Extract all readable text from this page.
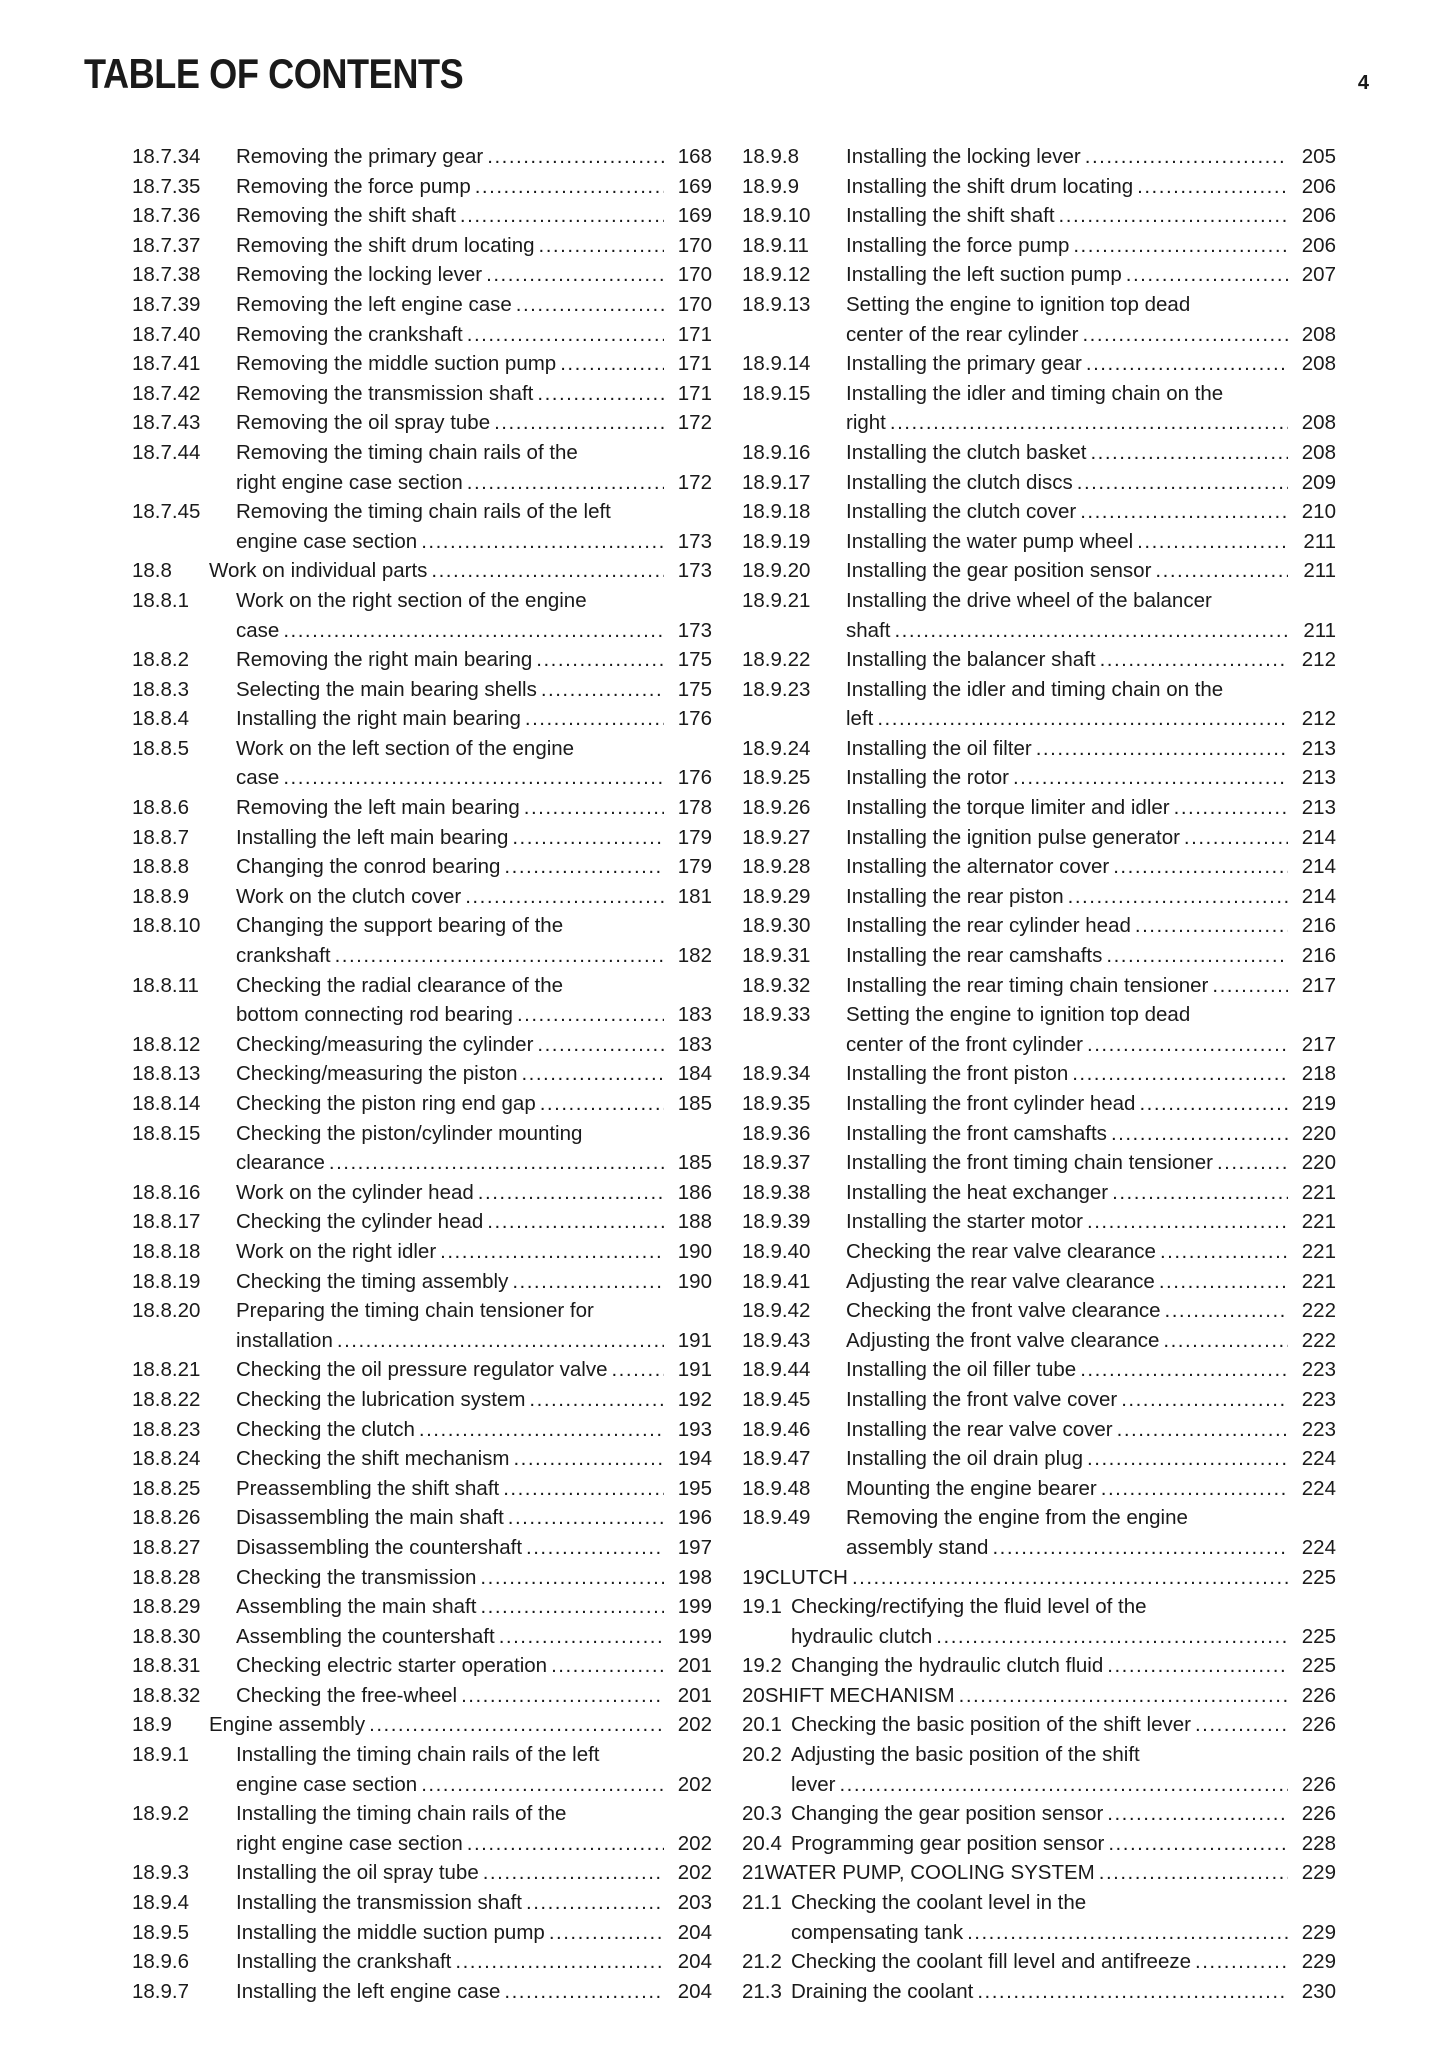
TABLE OF CONTENTS	4
18.7.34	Removing the primary gear .....	168
18.7.35	Removing the force pump .....	169
18.7.36	Removing the shift shaft .....	169
18.7.37	Removing the shift drum locating .....	170
18.7.38	Removing the locking lever .....	170
18.7.39	Removing the left engine case .....	170
18.7.40	Removing the crankshaft .....	171
18.7.41	Removing the middle suction pump .....	171
18.7.42	Removing the transmission shaft .....	171
18.7.43	Removing the oil spray tube .....	172
18.7.44	Removing the timing chain rails of the
right engine case section .....	172
18.7.45	Removing the timing chain rails of the left
engine case section .....	173
18.8	Work on individual parts .....	173
18.8.1	Work on the right section of the engine
case .....	173
18.8.2	Removing the right main bearing .....	175
18.8.3	Selecting the main bearing shells .....	175
18.8.4	Installing the right main bearing .....	176
18.8.5	Work on the left section of the engine
case .....	176
18.8.6	Removing the left main bearing .....	178
18.8.7	Installing the left main bearing .....	179
18.8.8	Changing the conrod bearing .....	179
18.8.9	Work on the clutch cover .....	181
18.8.10	Changing the support bearing of the
crankshaft .....	182
18.8.11	Checking the radial clearance of the
bottom connecting rod bearing .....	183
18.8.12	Checking/measuring the cylinder .....	183
18.8.13	Checking/measuring the piston .....	184
18.8.14	Checking the piston ring end gap .....	185
18.8.15	Checking the piston/cylinder mounting
clearance .....	185
18.8.16	Work on the cylinder head .....	186
18.8.17	Checking the cylinder head .....	188
18.8.18	Work on the right idler .....	190
18.8.19	Checking the timing assembly .....	190
18.8.20	Preparing the timing chain tensioner for
installation .....	191
18.8.21	Checking the oil pressure regulator valve .....	191
18.8.22	Checking the lubrication system .....	192
18.8.23	Checking the clutch .....	193
18.8.24	Checking the shift mechanism .....	194
18.8.25	Preassembling the shift shaft .....	195
18.8.26	Disassembling the main shaft .....	196
18.8.27	Disassembling the countershaft .....	197
18.8.28	Checking the transmission .....	198
18.8.29	Assembling the main shaft .....	199
18.8.30	Assembling the countershaft .....	199
18.8.31	Checking electric starter operation .....	201
18.8.32	Checking the free-wheel .....	201
18.9	Engine assembly .....	202
18.9.1	Installing the timing chain rails of the left
engine case section .....	202
18.9.2	Installing the timing chain rails of the
right engine case section .....	202
18.9.3	Installing the oil spray tube .....	202
18.9.4	Installing the transmission shaft .....	203
18.9.5	Installing the middle suction pump .....	204
18.9.6	Installing the crankshaft .....	204
18.9.7	Installing the left engine case .....	204
18.9.8	Installing the locking lever .....	205
18.9.9	Installing the shift drum locating .....	206
18.9.10	Installing the shift shaft .....	206
18.9.11	Installing the force pump .....	206
18.9.12	Installing the left suction pump .....	207
18.9.13	Setting the engine to ignition top dead
center of the rear cylinder .....	208
18.9.14	Installing the primary gear .....	208
18.9.15	Installing the idler and timing chain on the
right .....	208
18.9.16	Installing the clutch basket .....	208
18.9.17	Installing the clutch discs .....	209
18.9.18	Installing the clutch cover .....	210
18.9.19	Installing the water pump wheel .....	211
18.9.20	Installing the gear position sensor .....	211
18.9.21	Installing the drive wheel of the balancer
shaft .....	211
18.9.22	Installing the balancer shaft .....	212
18.9.23	Installing the idler and timing chain on the
left .....	212
18.9.24	Installing the oil filter .....	213
18.9.25	Installing the rotor .....	213
18.9.26	Installing the torque limiter and idler .....	213
18.9.27	Installing the ignition pulse generator .....	214
18.9.28	Installing the alternator cover .....	214
18.9.29	Installing the rear piston .....	214
18.9.30	Installing the rear cylinder head .....	216
18.9.31	Installing the rear camshafts .....	216
18.9.32	Installing the rear timing chain tensioner .....	217
18.9.33	Setting the engine to ignition top dead
center of the front cylinder .....	217
18.9.34	Installing the front piston .....	218
18.9.35	Installing the front cylinder head .....	219
18.9.36	Installing the front camshafts .....	220
18.9.37	Installing the front timing chain tensioner .....	220
18.9.38	Installing the heat exchanger .....	221
18.9.39	Installing the starter motor .....	221
18.9.40	Checking the rear valve clearance .....	221
18.9.41	Adjusting the rear valve clearance .....	221
18.9.42	Checking the front valve clearance .....	222
18.9.43	Adjusting the front valve clearance .....	222
18.9.44	Installing the oil filler tube .....	223
18.9.45	Installing the front valve cover .....	223
18.9.46	Installing the rear valve cover .....	223
18.9.47	Installing the oil drain plug .....	224
18.9.48	Mounting the engine bearer .....	224
18.9.49	Removing the engine from the engine
assembly stand .....	224
19 CLUTCH .....	225
19.1 Checking/rectifying the fluid level of the
hydraulic clutch .....	225
19.2 Changing the hydraulic clutch fluid .....	225
20 SHIFT MECHANISM .....	226
20.1 Checking the basic position of the shift lever .....	226
20.2 Adjusting the basic position of the shift
lever .....	226
20.3 Changing the gear position sensor .....	226
20.4 Programming gear position sensor .....	228
21 WATER PUMP, COOLING SYSTEM .....	229
21.1 Checking the coolant level in the
compensating tank .....	229
21.2 Checking the coolant fill level and antifreeze .....	229
21.3 Draining the coolant .....	230
